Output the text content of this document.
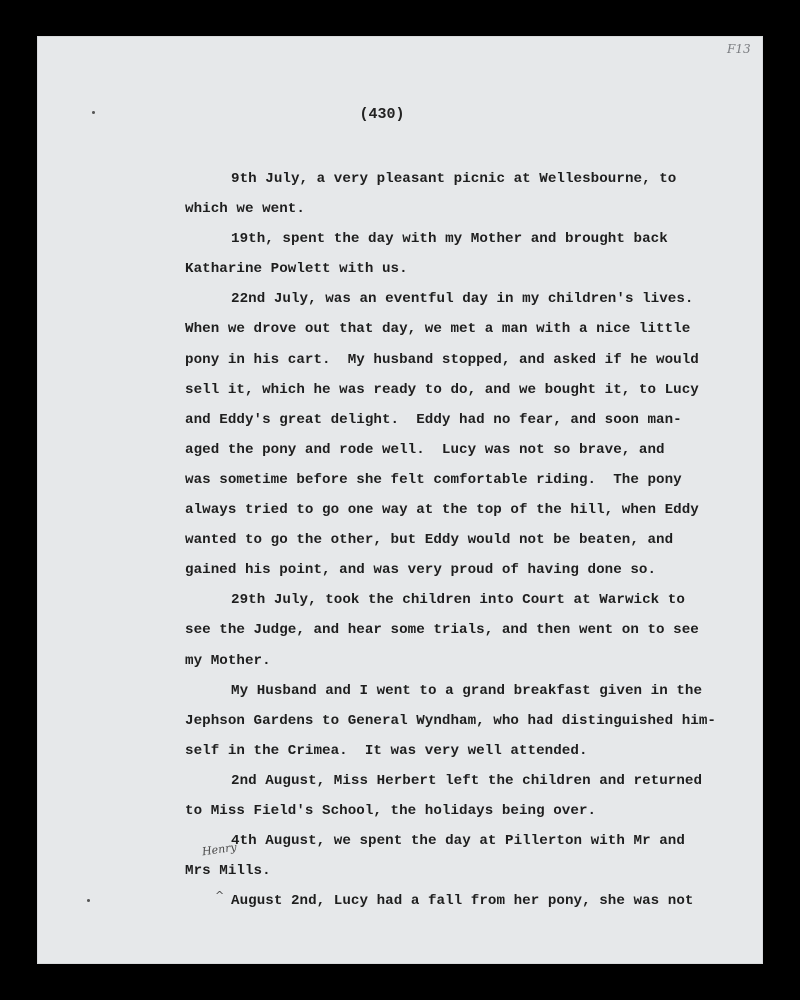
F13
(430)
9th July, a very pleasant picnic at Wellesbourne, to
which we went.
19th, spent the day with my Mother and brought back
Katharine Powlett with us.
22nd July, was an eventful day in my children's lives.
When we drove out that day, we met a man with a nice little
pony in his cart.  My husband stopped, and asked if he would
sell it, which he was ready to do, and we bought it, to Lucy
and Eddy's great delight.  Eddy had no fear, and soon man-
aged the pony and rode well.  Lucy was not so brave, and
was sometime before she felt comfortable riding.  The pony
always tried to go one way at the top of the hill, when Eddy
wanted to go the other, but Eddy would not be beaten, and
gained his point, and was very proud of having done so.
29th July, took the children into Court at Warwick to
see the Judge, and hear some trials, and then went on to see
my Mother.
My Husband and I went to a grand breakfast given in the
Jephson Gardens to General Wyndham, who had distinguished him-
self in the Crimea.  It was very well attended.
2nd August, Miss Herbert left the children and returned
to Miss Field's School, the holidays being over.
4th August, we spent the day at Pillerton with Mr and
Mrs Mills.
August 2nd, Lucy had a fall from her pony, she was not
Henry
^
